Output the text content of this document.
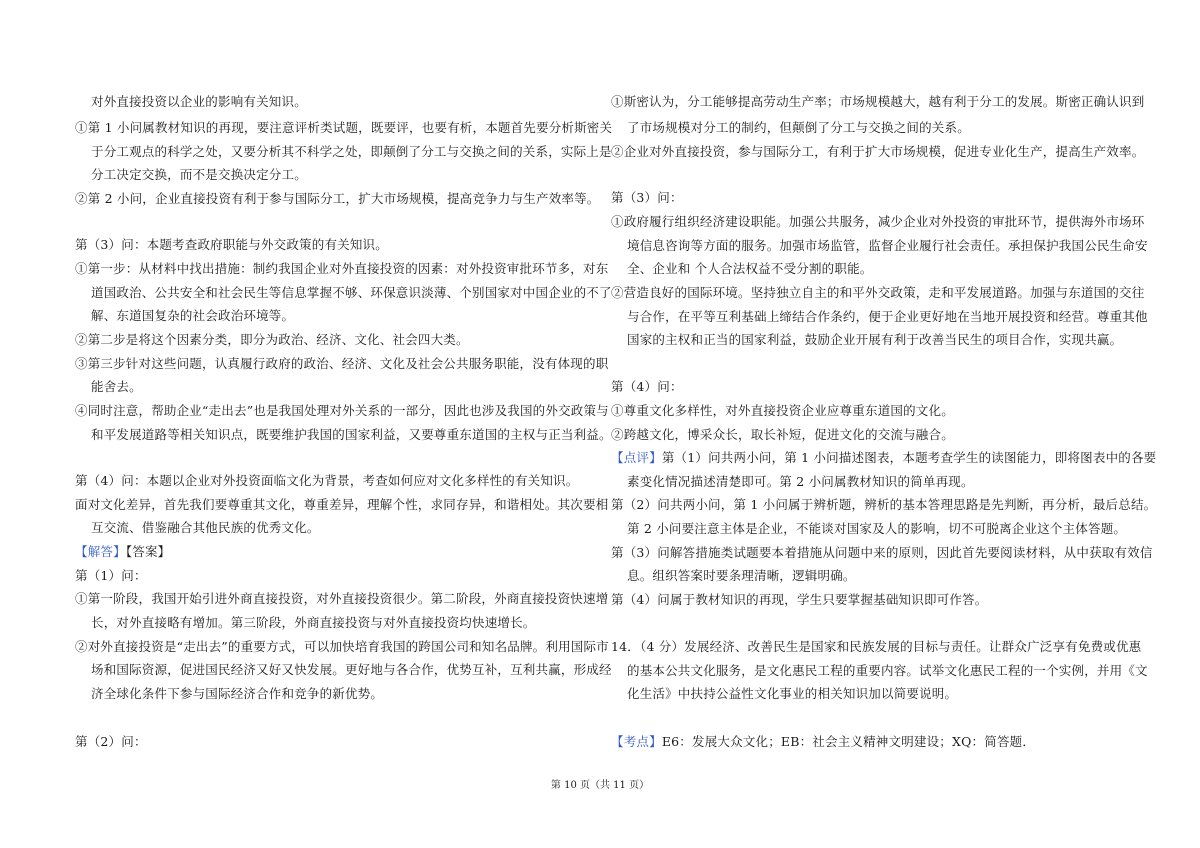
对外直接投资以企业的影响有关知识。
①第 1 小问属教材知识的再现，要注意评析类试题，既要评，也要有析，本题首先要分析斯密关
于分工观点的科学之处，又要分析其不科学之处，即颠倒了分工与交换之间的关系，实际上是
分工决定交换，而不是交换决定分工。
②第 2 小问，企业直接投资有利于参与国际分工，扩大市场规模，提高竞争力与生产效率等。
第（3）问：本题考查政府职能与外交政策的有关知识。
①第一步：从材料中找出措施：制约我国企业对外直接投资的因素：对外投资审批环节多，对东
道国政治、公共安全和社会民生等信息掌握不够、环保意识淡薄、个别国家对中国企业的不了
解、东道国复杂的社会政治环境等。
②第二步是将这个因素分类，即分为政治、经济、文化、社会四大类。
③第三步针对这些问题，认真履行政府的政治、经济、文化及社会公共服务职能，没有体现的职
能舍去。
④同时注意，帮助企业“走出去”也是我国处理对外关系的一部分，因此也涉及我国的外交政策与
和平发展道路等相关知识点，既要维护我国的国家利益，又要尊重东道国的主权与正当利益。
第（4）问：本题以企业对外投资面临文化为背景，考查如何应对文化多样性的有关知识。
面对文化差异，首先我们要尊重其文化，尊重差异，理解个性，求同存异，和谐相处。其次要相
互交流、借鉴融合其他民族的优秀文化。
【解答】【答案】
第（1）问：
①第一阶段，我国开始引进外商直接投资，对外直接投资很少。第二阶段，外商直接投资快速增
长，对外直接略有增加。第三阶段，外商直接投资与对外直接投资均快速增长。
②对外直接投资是“走出去”的重要方式，可以加快培育我国的跨国公司和知名品牌。利用国际市
场和国际资源，促进国民经济又好又快发展。更好地与各合作，优势互补，互利共赢，形成经
济全球化条件下参与国际经济合作和竞争的新优势。
第（2）问：
①斯密认为，分工能够提高劳动生产率；市场规模越大，越有利于分工的发展。斯密正确认识到
了市场规模对分工的制约，但颠倒了分工与交换之间的关系。
②企业对外直接投资，参与国际分工，有利于扩大市场规模，促进专业化生产，提高生产效率。
第（3）问：
①政府履行组织经济建设职能。加强公共服务，减少企业对外投资的审批环节，提供海外市场环
境信息咨询等方面的服务。加强市场监管，监督企业履行社会责任。承担保护我国公民生命安
全、企业和 个人合法权益不受分割的职能。
②营造良好的国际环境。坚持独立自主的和平外交政策，走和平发展道路。加强与东道国的交往
与合作，在平等互利基础上缔结合作条约，便于企业更好地在当地开展投资和经营。尊重其他
国家的主权和正当的国家利益，鼓励企业开展有利于改善当民生的项目合作，实现共赢。
第（4）问：
①尊重文化多样性，对外直接投资企业应尊重东道国的文化。
②跨越文化，博采众长，取长补短，促进文化的交流与融合。
【点评】第（1）问共两小问，第 1 小问描述图表，本题考查学生的读图能力，即将图表中的各要
素变化情况描述清楚即可。第 2 小问属教材知识的简单再现。
第（2）问共两小问，第 1 小问属于辨析题，辨析的基本答理思路是先判断，再分析，最后总结。
第 2 小问要注意主体是企业，不能谈对国家及人的影响，切不可脱离企业这个主体答题。
第（3）问解答措施类试题要本着措施从问题中来的原则，因此首先要阅读材料，从中获取有效信
息。组织答案时要条理清晰，逻辑明确。
第（4）问属于教材知识的再现，学生只要掌握基础知识即可作答。
14．（4 分）发展经济、改善民生是国家和民族发展的目标与责任。让群众广泛享有免费或优惠
的基本公共文化服务，是文化惠民工程的重要内容。试举文化惠民工程的一个实例，并用《文
化生活》中扶持公益性文化事业的相关知识加以简要说明。
【考点】E6：发展大众文化；EB：社会主义精神文明建设；XQ：简答题．
第 10 页（共 11 页）
